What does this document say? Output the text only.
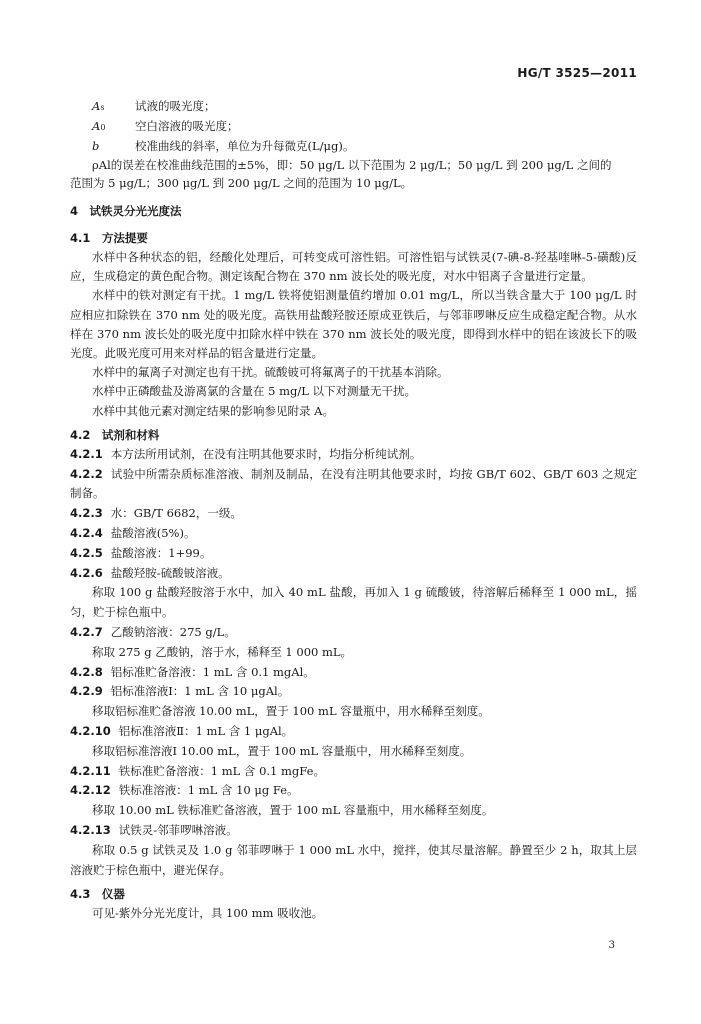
HG/T 3525—2011
As	试液的吸光度；
A0	空白溶液的吸光度；
b	校准曲线的斜率，单位为升每微克(L/μg)。
ρAl的误差在校准曲线范围的±5%，即：50 μg/L 以下范围为 2 μg/L；50 μg/L 到 200 μg/L 之间的
范围为 5 μg/L；300 μg/L 到 200 μg/L 之间的范围为 10 μg/L。
4　试铁灵分光光度法
4.1　方法提要

水样中各种状态的铝，经酸化处理后，可转变成可溶性铝。可溶性铝与试铁灵(7-碘-8-羟基喹啉-5-磺酸)反应，生成稳定的黄色配合物。测定该配合物在 370 nm 波长处的吸光度，对水中铝离子含量进行定量。

水样中的铁对测定有干扰。1 mg/L 铁将使铝测量值约增加 0.01 mg/L，所以当铁含量大于 100 μg/L 时应相应扣除铁在 370 nm 处的吸光度。高铁用盐酸羟胺还原成亚铁后，与邻菲啰啉反应生成稳定配合物。从水样在 370 nm 波长处的吸光度中扣除水样中铁在 370 nm 波长处的吸光度，即得到水样中的铝在该波长下的吸光度。此吸光度可用来对样品的铝含量进行定量。

水样中的氟离子对测定也有干扰。硫酸铍可将氟离子的干扰基本消除。

水样中正磷酸盐及游离氯的含量在 5 mg/L 以下对测量无干扰。

水样中其他元素对测定结果的影响参见附录 A。

4.2　试剂和材料
4.2.1 本方法所用试剂，在没有注明其他要求时，均指分析纯试剂。
4.2.2 试验中所需杂质标准溶液、制剂及制品，在没有注明其他要求时，均按 GB/T 602、GB/T 603 之规定制备。
4.2.3 水：GB/T 6682，一级。
4.2.4 盐酸溶液(5%)。
4.2.5 盐酸溶液：1+99。
4.2.6 盐酸羟胺-硫酸铍溶液。
称取 100 g 盐酸羟胺溶于水中，加入 40 mL 盐酸，再加入 1 g 硫酸铍，待溶解后稀释至 1 000 mL，摇匀，贮于棕色瓶中。
4.2.7 乙酸钠溶液：275 g/L。
称取 275 g 乙酸钠，溶于水，稀释至 1 000 mL。
4.2.8 铝标准贮备溶液：1 mL 含 0.1 mgAl。
4.2.9 铝标准溶液Ⅰ：1 mL 含 10 μgAl。
移取铝标准贮备溶液 10.00 mL，置于 100 mL 容量瓶中，用水稀释至刻度。
4.2.10 铝标准溶液Ⅱ：1 mL 含 1 μgAl。
移取铝标准溶液Ⅰ 10.00 mL，置于 100 mL 容量瓶中，用水稀释至刻度。
4.2.11 铁标准贮备溶液：1 mL 含 0.1 mgFe。
4.2.12 铁标准溶液：1 mL 含 10 μg Fe。
移取 10.00 mL 铁标准贮备溶液，置于 100 mL 容量瓶中，用水稀释至刻度。
4.2.13 试铁灵-邻菲啰啉溶液。
称取 0.5 g 试铁灵及 1.0 g 邻菲啰啉于 1 000 mL 水中，搅拌，使其尽量溶解。静置至少 2 h，取其上层溶液贮于棕色瓶中，避光保存。
4.3　仪器

可见-紫外分光光度计，具 100 mm 吸收池。

3
